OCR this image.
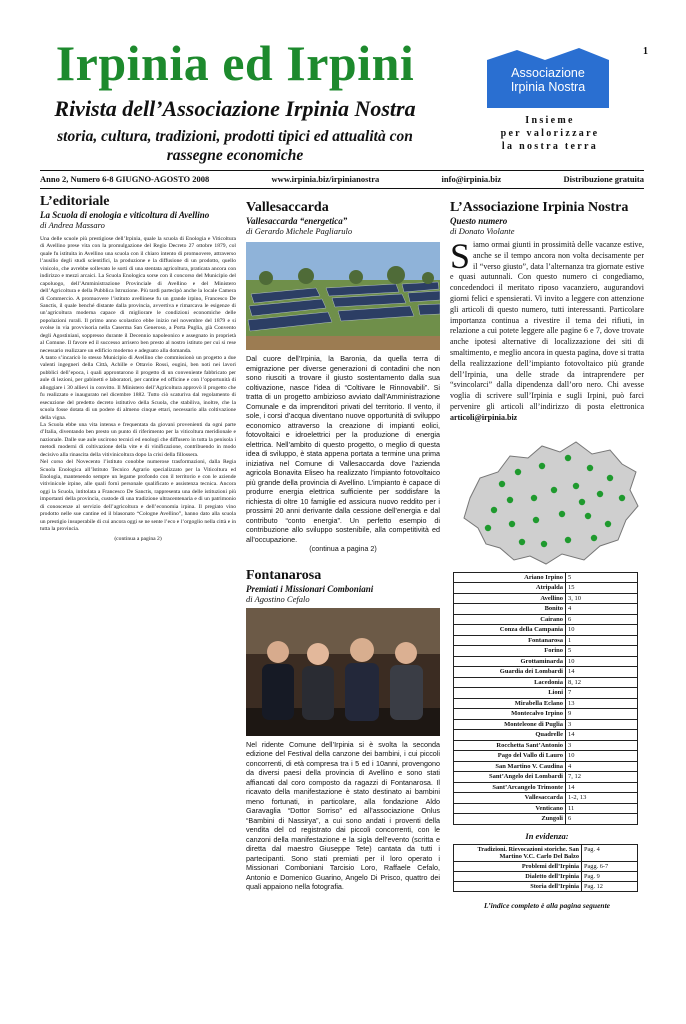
1
Irpinia ed Irpini
Rivista dell’Associazione Irpinia Nostra
storia, cultura, tradizioni, prodotti tipici ed attualità con rassegne economiche
Associazione
Irpinia Nostra
Insieme
per valorizzare
la nostra terra
Anno 2, Numero 6-8 GIUGNO-AGOSTO 2008	www.irpinia.biz/irpinianostra	info@irpinia.biz	Distribuzione gratuita
L’editoriale
La Scuola di enologia e viticoltura di Avellino
di Andrea Massaro

Una delle scuole più prestigiose dell’Irpinia, quale la scuola di Enologia e Viticoltura di Avellino prese vita con la promulgazione del Regio Decreto 27 ottobre 1879, col quale fu istituita in Avellino una scuola con il chiaro intento di promuovere, attraverso l’ausilio degli studi scientifici, la produzione e la diffusione di un prodotto, quello vinicolo, che avrebbe sollevato le sorti di una stentata agricoltura, praticata ancora con indirizzo e mezzi arcaici. La Scuola Enologica sorse con il concorso del Municipio del capoluogo, dell’Amministrazione Provinciale di Avellino e del Ministero dell’Agricoltura e della Pubblica Istruzione. Più tardi partecipò anche la locale Camera di Commercio. A promuovere l’istituto avellinese fu un grande irpino, Francesco De Sanctis, il quale benché distante dalla provincia, avvertiva e rimarcava le esigenze di un’agricoltura moderna capace di migliorare le condizioni economiche delle popolazioni rurali. Il primo anno scolastico ebbe inizio nel novembre del 1879 e si svolse in via provvisoria nella Caserma San Generoso, a Porta Puglia, già Convento degli Agostiniani, soppresso durante il Decennio napoleonico e assegnato in proprietà al Comune. Il favore ed il successo arrisero ben presto al nostro istituto per cui si rese necessario realizzare un edificio moderno e adeguato alla domanda.

A tanto s’incaricò lo stesso Municipio di Avellino che commissionò un progetto a due valenti ingegneri della Città, Achille e Ottavio Rossi, eugini, ben noti nei lavori pubblici dell’epoca, i quali approntarono il progetto di un conveniente fabbricato per aule di lezioni, per gabinetti e laboratori, per cantine ed officine e con l’opportunità di alloggiare i 30 allievi in convitto. Il Ministero dell’Agricoltura approvò il progetto che fu realizzato e inaugurato nel dicembre 1882. Tutto ciò scaturiva dal regolamento di esecuzione del predetto decreto istitutivo della Scuola, che stabiliva, inoltre, che la scuola fosse dotata di un podere di almeno cinque ettari, necessario alla coltivazione della vigna.

La Scuola ebbe una vita intensa e frequentata da giovani provenienti da ogni parte d’Italia, diventando ben presto un punto di riferimento per la viticoltura meridionale e nazionale. Dalle sue aule uscirono tecnici ed enologi che diffusero in tutta la penisola i metodi moderni di coltivazione della vite e di vinificazione, contribuendo in modo decisivo alla rinascita della vitivinicoltura dopo la crisi della fillossera.

Nel corso del Novecento l’istituto conobbe numerose trasformazioni, dalla Regia Scuola Enologica all’Istituto Tecnico Agrario specializzato per la Viticoltura ed Enologia, mantenendo sempre un legame profondo con il territorio e con le aziende vitivinicole irpine, alle quali fornì personale qualificato e assistenza tecnica. Ancora oggi la Scuola, intitolata a Francesco De Sanctis, rappresenta una delle istituzioni più importanti della provincia, custode di una tradizione ultracentenaria e di un patrimonio di conoscenze al servizio dell’agricoltura e dell’economia irpina. Il pregiato vino prodotto nelle sue cantine ed il blasonato “Cologne Avellino”, hanno dato alla scuola un prestigio insuperabile di cui ancora oggi se ne sente l’eco e l’orgoglio nella città e in tutta la provincia.

(continua a pagina 2)
Vallesaccarda
Vallesaccarda “energetica”
di Gerardo Michele Pagliarulo
Dal cuore dell’Irpinia, la Baronia, da quella terra di emigrazione per diverse generazioni di contadini che non sono riusciti a trovare il giusto sostentamento dalla sua coltivazione, nasce l’idea di “Coltivare le Rinnovabili”. Si tratta di un progetto ambizioso avviato dall’Amministrazione Comunale e da imprenditori privati del territorio. Il vento, il sole, i corsi d’acqua diventano nuove opportunità di sviluppo economico attraverso la creazione di impianti eolici, fotovoltaici e idroelettrici per la produzione di energia elettrica. Nell’ambito di questo progetto, o meglio di questa idea di sviluppo, è stata appena portata a termine una prima iniziativa nel Comune di Vallesaccarda dove l’azienda agricola Bonavita Eliseo ha realizzato l’impianto fotovoltaico più grande della provincia di Avellino. L’impianto è capace di produrre energia elettrica sufficiente per soddisfare la richiesta di oltre 10 famiglie ed assicura nuovo reddito per i prossimi 20 anni derivante dalla cessione dell’energia e dal contributo “conto energia”. Un perfetto esempio di contribuzione allo sviluppo sostenibile, alla competitività ed all’occupazione.
(continua a pagina 2)
Fontanarosa
Premiati i Missionari Comboniani
di Agostino Cefalo
Nel ridente Comune dell’Irpinia si è svolta la seconda edizione del Festival della canzone dei bambini, i cui piccoli concorrenti, di età compresa tra i 5 ed i 10anni, provengono da diversi paesi della provincia di Avellino e sono stati affiancati dal coro composto da ragazzi di Fontanarosa. Il ricavato della manifestazione è stato destinato ai bambini meno fortunati, in particolare, alla fondazione Aldo Garavaglia “Dottor Sorriso” ed all’associazione Onlus “Bambini di Nassirya”, a cui sono andati i proventi della vendita del cd registrato dai piccoli concorrenti, con le canzoni della manifestazione e la sigla dell’evento (scritta e diretta dal maestro Giuseppe Tete) cantata da tutti i partecipanti. Sono stati premiati per il loro operato i Missionari Comboniani Tarcisio Loro, Raffaele Cefalo, Antonio e Domenico Guarino, Angelo Di Prisco, quattro dei quali appaiono nella fotografia.
L’Associazione Irpinia Nostra
Questo numero
di Donato Violante
Siamo ormai giunti in prossimità delle vacanze estive, anche se il tempo ancora non volta decisamente per il “verso giusto”, data l’alternanza tra giornate estive e quasi autunnali. Con questo numero ci congediamo, concedendoci il meritato riposo vacanziero, augurandovi giorni felici e spensierati. Vi invito a leggere con attenzione gli articoli di questo numero, tutti interessanti. Particolare importanza continua a rivestire il tema dei rifiuti, in relazione a cui potete leggere alle pagine 6 e 7, dove trovate anche ipotesi alternative di localizzazione dei siti di smaltimento, e meglio ancora in questa pagina, dove si tratta della realizzazione dell’impianto fotovoltaico più grande dell’Irpinia, una delle strade da intraprendere per “svincolarci” dalla dipendenza dall’oro nero. Chi avesse voglia di scrivere sull’Irpinia e sugli Irpini, può farci pervenire gli articoli all’indirizzo di posta elettronica articoli@irpinia.biz
Ariano Irpino	5
Atripalda	15
Avellino	3, 10
Bonito	4
Cairano	6
Conza della Campania	10
Fontanarosa	1
Forino	5
Grottaminarda	10
Guardia dei Lombardi	14
Lacedonia	8, 12
Lioni	7
Mirabella Eclano	13
Montecalvo Irpino	9
Monteleone di Puglia	3
Quadrelle	14
Rocchetta Sant’Antonio	3
Pago del Vallo di Lauro	10
San Martino V. Caudina	4
Sant’Angelo dei Lombardi	7, 12
Sant’Arcangelo Trimonte	14
Vallesaccarda	1-2, 13
Venticano	11
Zungoli	6
In evidenza:
Tradizioni. Rievocazioni storiche. San Martino V.C. Carlo Del Balzo	Pag. 4
Problemi dell’Irpinia	Pagg. 6-7
Dialetto dell’Irpinia	Pag. 9
Storia dell’Irpinia	Pag. 12
L’indice completo è alla pagina seguente
